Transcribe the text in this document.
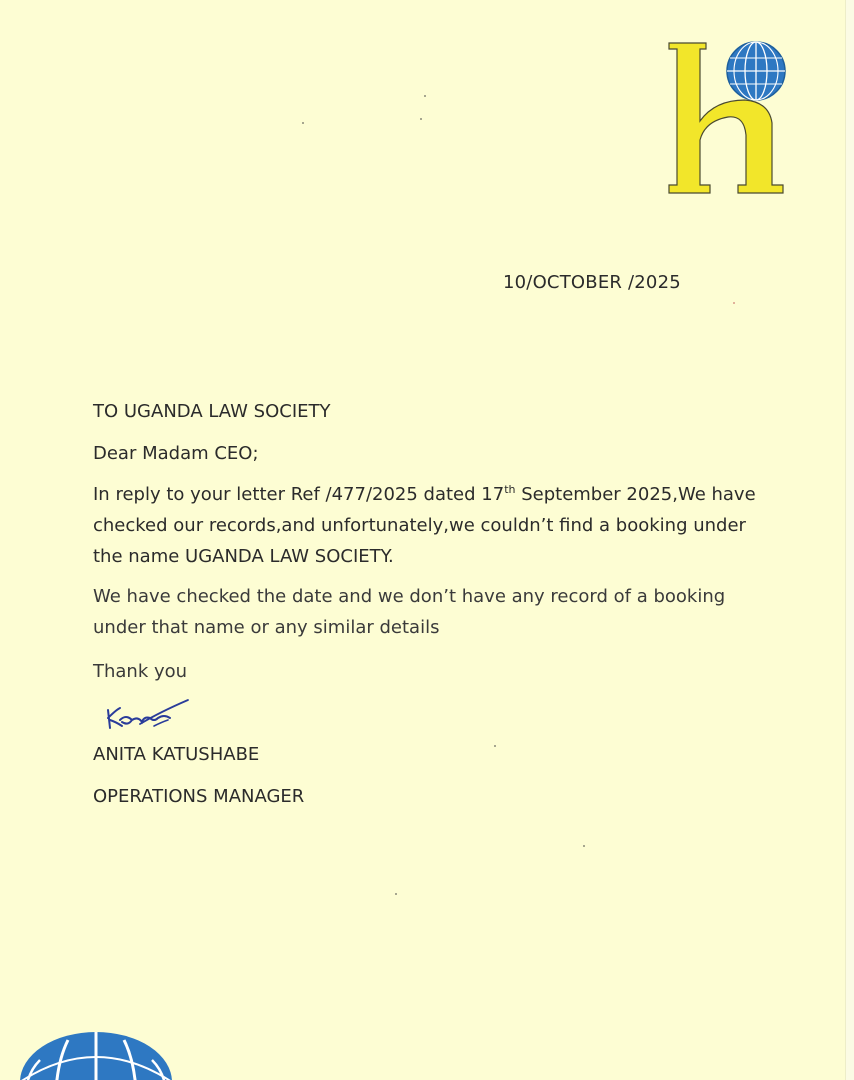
10/OCTOBER /2025
TO UGANDA LAW SOCIETY
Dear Madam CEO;
In reply to your letter Ref /477/2025 dated 17th September 2025,We have checked our records,and unfortunately,we couldn’t find a booking under the name UGANDA LAW SOCIETY.
We have checked the date and we don’t have any record of a booking under that name or any similar details
Thank you
ANITA KATUSHABE
OPERATIONS MANAGER
